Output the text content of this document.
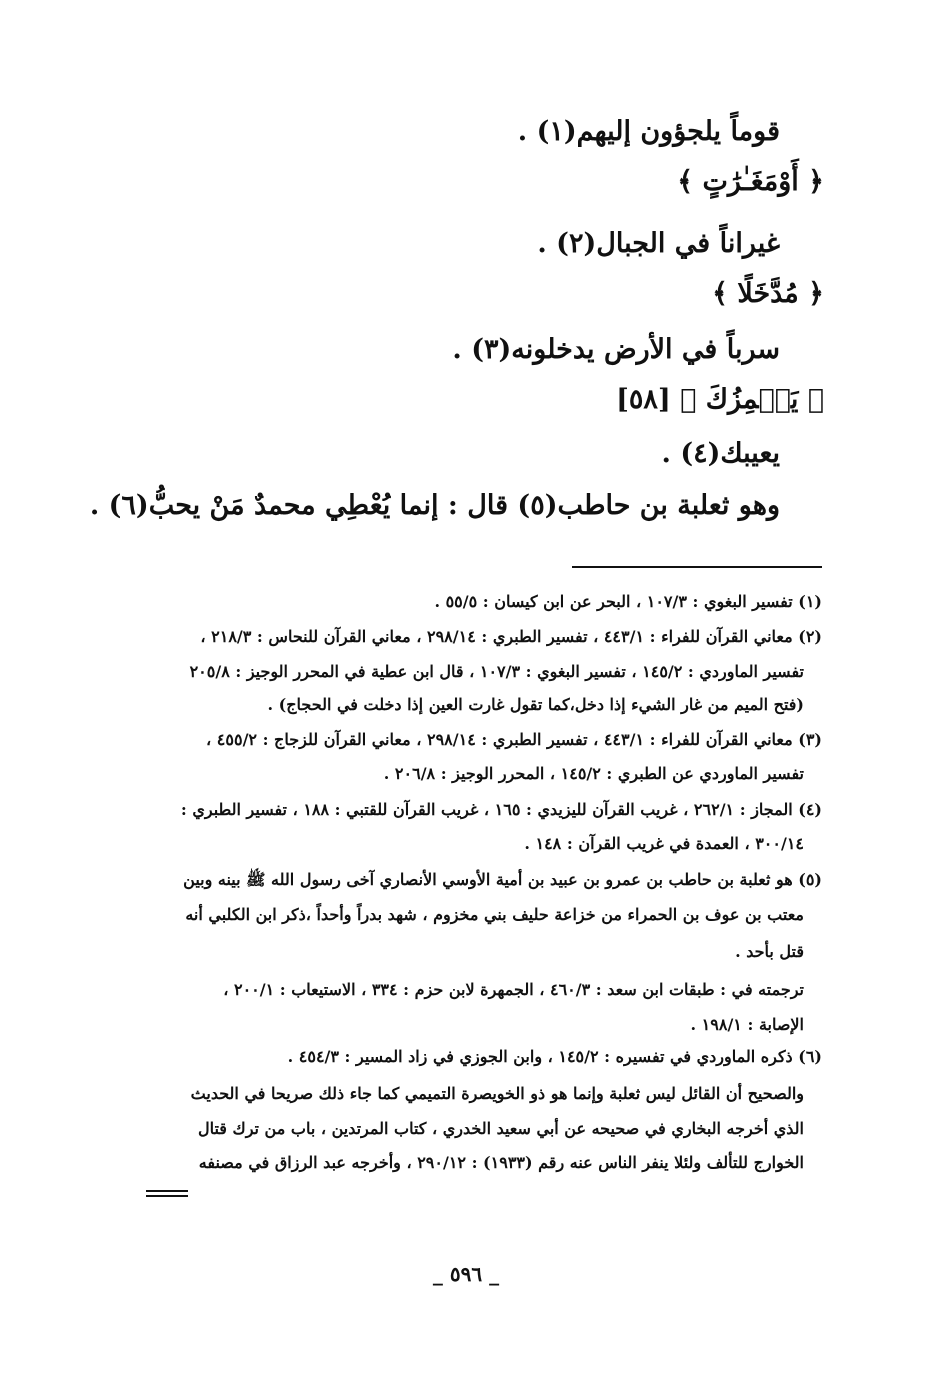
قوماً يلجؤون إليهم(١) .
﴿ أَوْمَغَـٰرَٰتٍ ﴾
غيراناً في الجبال(٢) .
﴿ مُدَّخَلًا ﴾
سرباً في الأرض يدخلونه(٣) .
﴿ يَلۡمِزُكَ ﴾ [٥٨]
يعيبك(٤) .
وهو ثعلبة بن حاطب(٥) قال : إنما يُعْطِي محمدٌ مَنْ يحبُّ(٦) .
(١) تفسير البغوي : ١٠٧/٣ ، البحر عن ابن كيسان : ٥٥/٥ .
(٢) معاني القرآن للفراء : ٤٤٣/١ ، تفسير الطبري : ٢٩٨/١٤ ، معاني القرآن للنحاس : ٢١٨/٣ ،
تفسير الماوردي : ١٤٥/٢ ، تفسير البغوي : ١٠٧/٣ ، قال ابن عطية في المحرر الوجيز : ٢٠٥/٨
(فتح الميم من غار الشيء إذا دخل،كما تقول غارت العين إذا دخلت في الحجاج) .
(٣) معاني القرآن للفراء : ٤٤٣/١ ، تفسير الطبري : ٢٩٨/١٤ ، معاني القرآن للزجاج : ٤٥٥/٢ ،
تفسير الماوردي عن الطبري : ١٤٥/٢ ، المحرر الوجيز : ٢٠٦/٨ .
(٤) المجاز : ٢٦٢/١ ، غريب القرآن لليزيدي : ١٦٥ ، غريب القرآن للقتبي : ١٨٨ ، تفسير الطبري :
٣٠٠/١٤ ، العمدة في غريب القرآن : ١٤٨ .
(٥) هو ثعلبة بن حاطب بن عمرو بن عبيد بن أمية الأوسي الأنصاري آخى رسول الله ﷺ بينه وبين
معتب بن عوف بن الحمراء من خزاعة حليف بني مخزوم ، شهد بدراً وأحداً ،ذكر ابن الكلبي أنه
قتل بأحد .
ترجمته في : طبقات ابن سعد : ٤٦٠/٣ ، الجمهرة لابن حزم : ٣٣٤ ، الاستيعاب : ٢٠٠/١ ،
الإصابة : ١٩٨/١ .
(٦) ذكره الماوردي في تفسيره : ١٤٥/٢ ، وابن الجوزي في زاد المسير : ٤٥٤/٣ .
والصحيح أن القائل ليس ثعلبة وإنما هو ذو الخويصرة التميمي كما جاء ذلك صريحا في الحديث
الذي أخرجه البخاري في صحيحه عن أبي سعيد الخدري ، كتاب المرتدين ، باب من ترك قتال
الخوارج للتألف ولئلا ينفر الناس عنه رقم (١٩٣٣) : ٢٩٠/١٢ ، وأخرجه عبد الرزاق في مصنفه
_ ٥٩٦ _
